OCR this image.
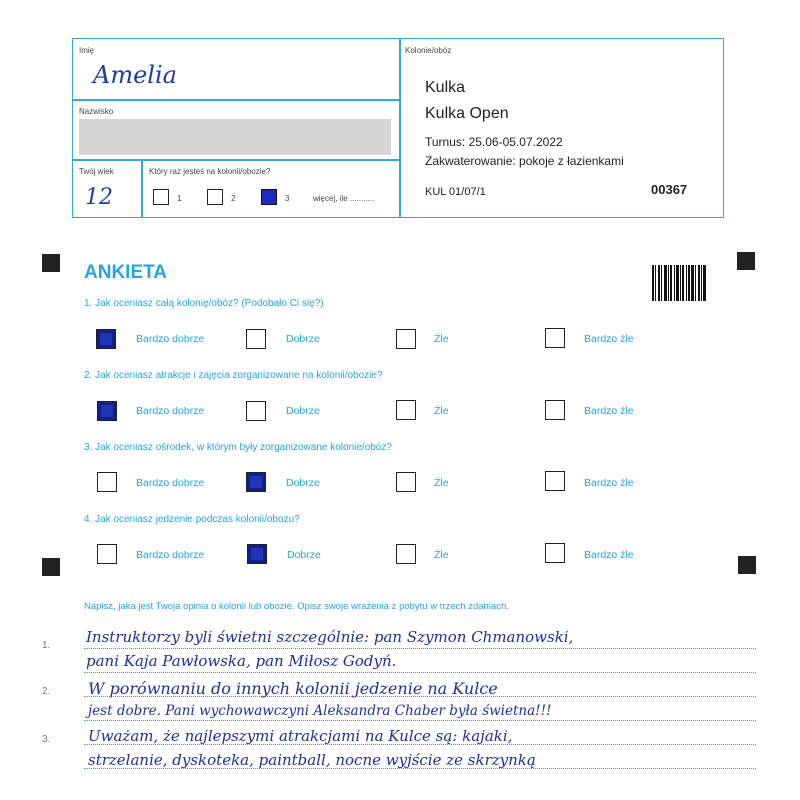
Imię
Amelia
Nazwisko
Twój wiek
12
Który raz jesteś na kolonii/obozie?
1	2	3	więcej, ile ...........
Kolonie/obóz
Kulka
Kulka Open
Turnus: 25.06-05.07.2022
Zakwaterowanie: pokoje z łazienkami
KUL 01/07/1	00367
ANKIETA
1. Jak oceniasz całą kolonię/obóz? (Podobało Ci się?)
Bardzo dobrze	Dobrze	Źle	Bardzo źle
2. Jak oceniasz atrakcje i zajęcia zorganizowane na kolonii/obozie?
Bardzo dobrze	Dobrze	Źle	Bardzo źle
3. Jak oceniasz ośrodek, w którym były zorganizowane kolonie/obóz?
Bardzo dobrze	Dobrze	Źle	Bardzo źle
4. Jak oceniasz jedzenie podczas kolonii/obozu?
Bardzo dobrze	Dobrze	Źle	Bardzo źle
Napisz, jaka jest Twoja opinia o kolonii lub obozie. Opisz swoje wrażenia z pobytu w trzech zdaniach.
1.
2.
3.
Instruktorzy byli świetni szczególnie: pan Szymon Chmanowski,
pani Kaja Pawłowska, pan Miłosz Godyń.
W porównaniu do innych kolonii jedzenie na Kulce
jest dobre. Pani wychowawczyni Aleksandra Chaber była świetna!!!
Uważam, że najlepszymi atrakcjami na Kulce są: kajaki,
strzelanie, dyskoteka, paintball, nocne wyjście ze skrzynką
